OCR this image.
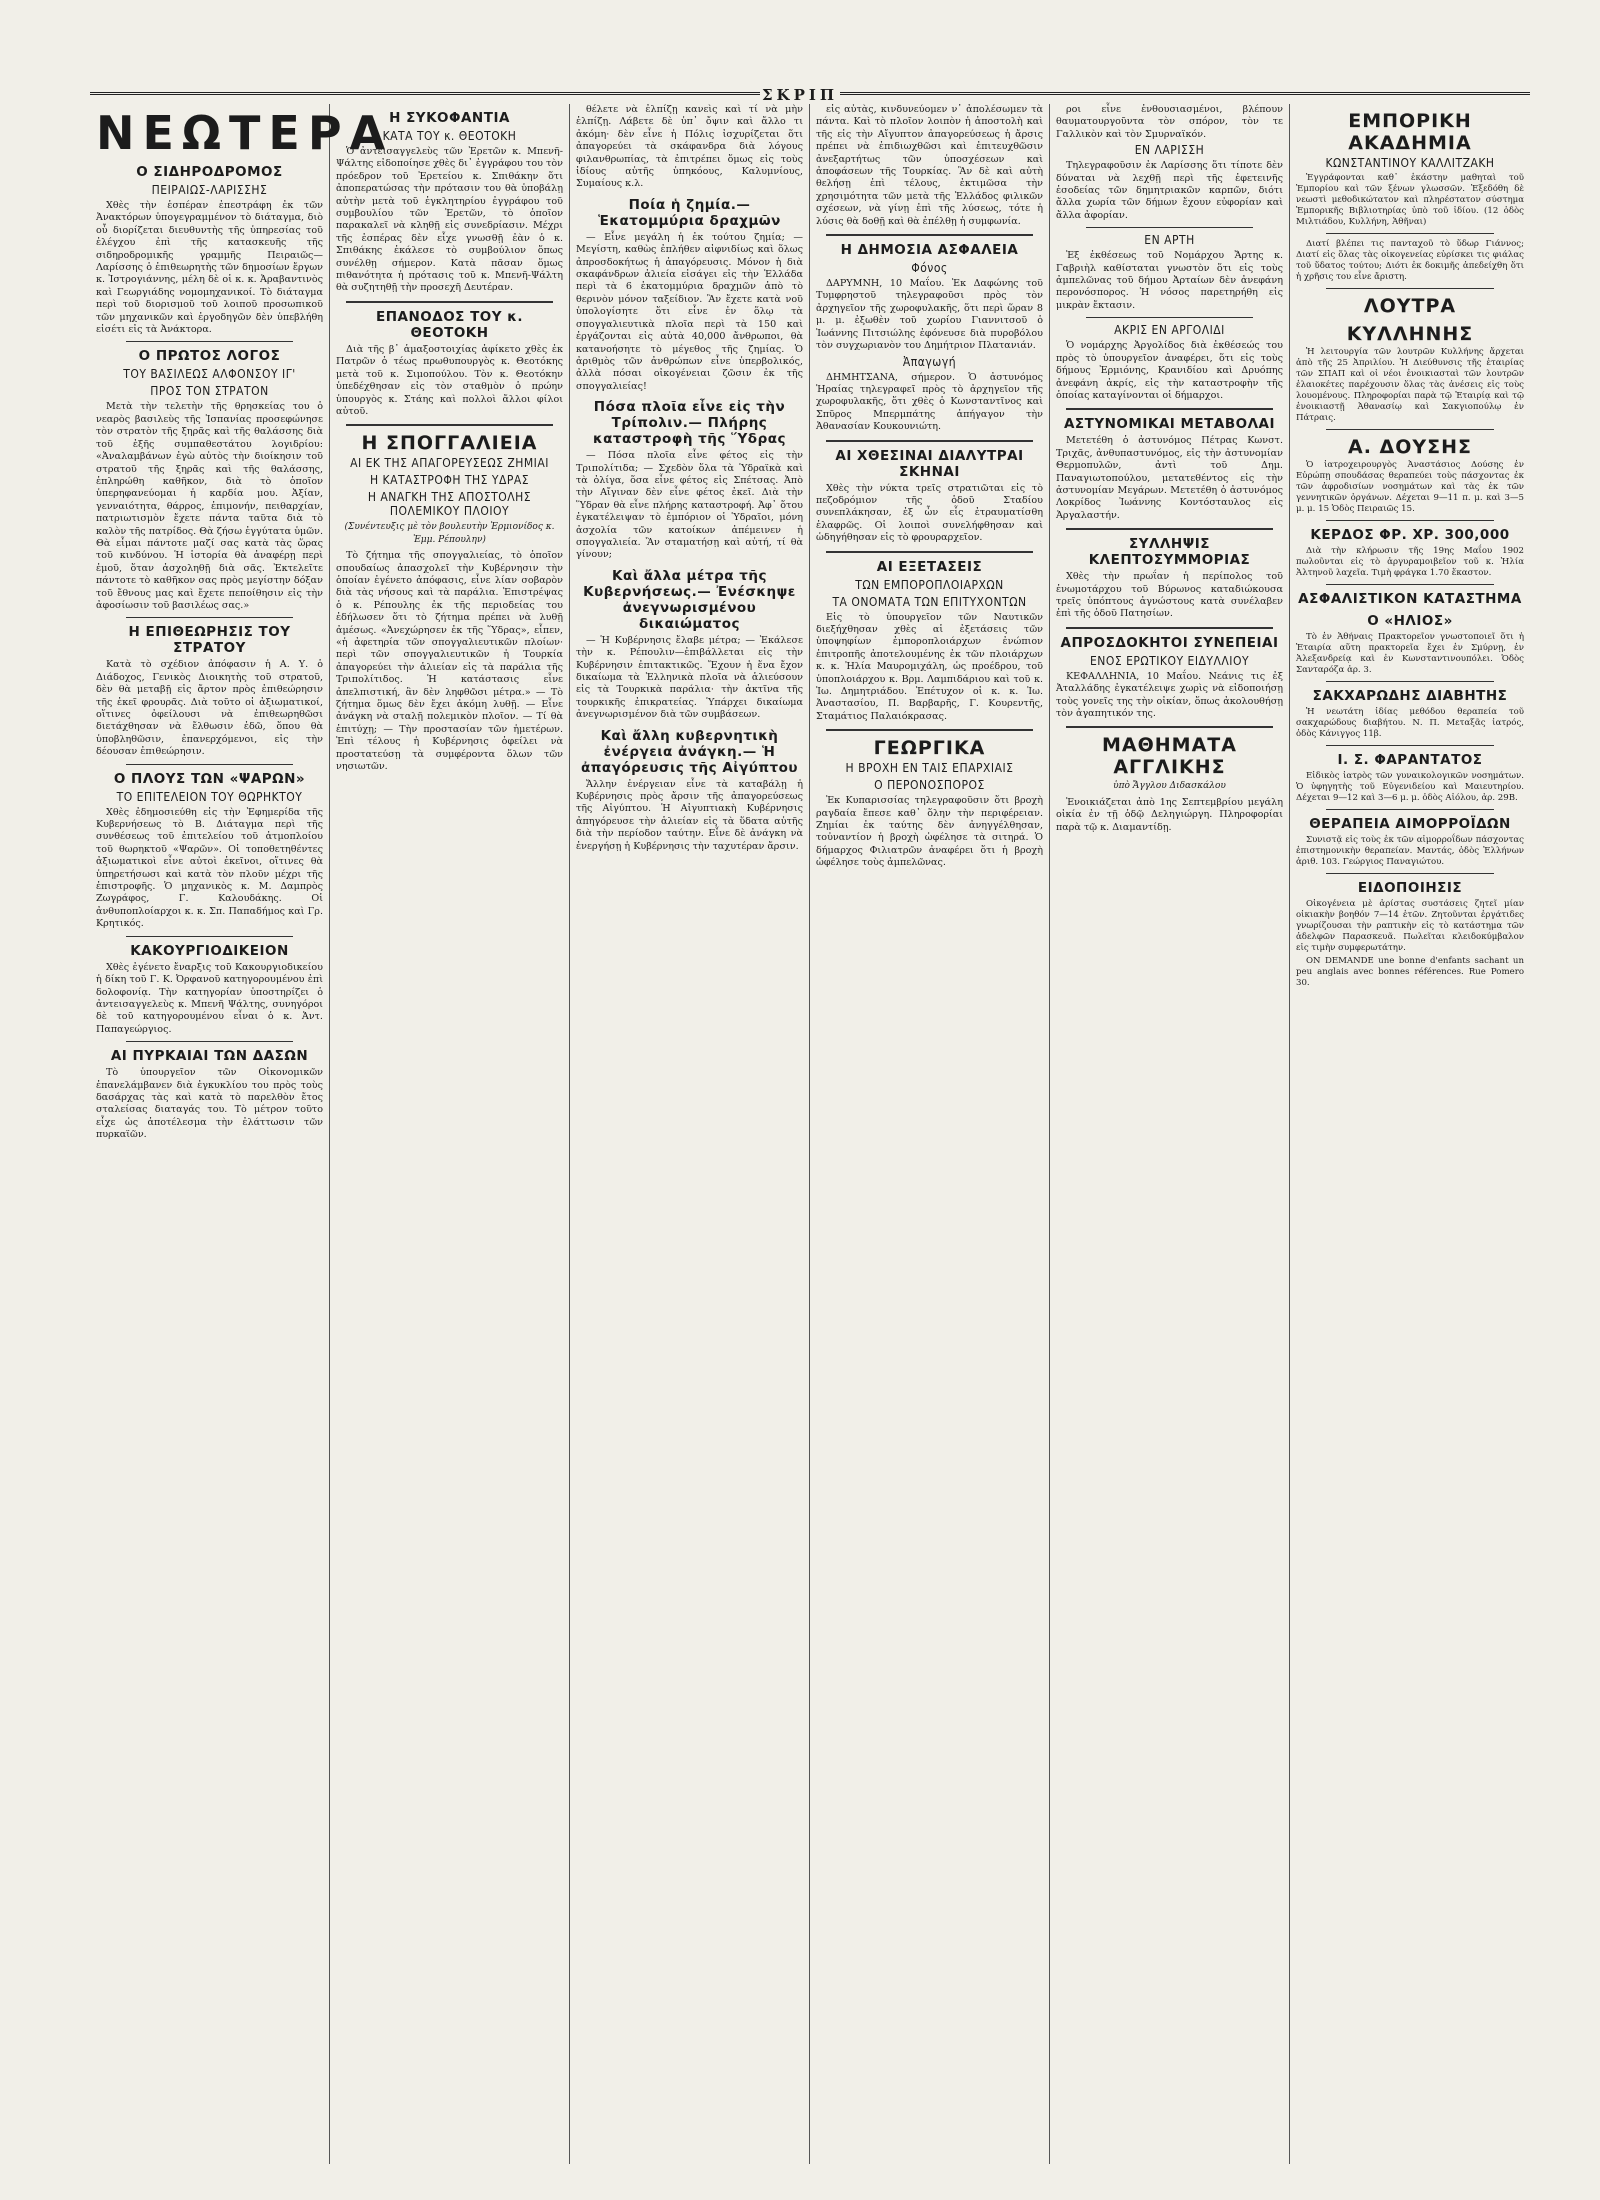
ΣΚΡΙΠ
ΝΕΩΤΕΡΑ
Ο ΣΙΔΗΡΟΔΡΟΜΟΣ
ΠΕΙΡΑΙΩΣ-ΛΑΡΙΣΣΗΣ

Χθὲς τὴν ἑσπέραν ἐπεστράφη ἐκ τῶν Ἀνακτόρων ὑπογεγραμμένον τὸ διάταγμα, διὸ οὗ διορίζεται διευθυντὴς τῆς ὑπηρεσίας τοῦ ἐλέγχου ἐπὶ τῆς κατασκευῆς τῆς σιδηροδρομικῆς γραμμῆς Πειραιῶς—Λαρίσσης ὁ ἐπιθεωρητὴς τῶν δημοσίων ἔργων κ. Ἰστρογιάννης, μέλη δὲ οἱ κ. κ. Ἀραβαντινὸς καὶ Γεωργιάδης νομομηχανικοί. Τὸ διάταγμα περὶ τοῦ διορισμοῦ τοῦ λοιποῦ προσωπικοῦ τῶν μηχανικῶν καὶ ἐργοδηγῶν δὲν ὑπεβλήθη εἰσέτι εἰς τὰ Ἀνάκτορα.

Ο ΠΡΩΤΟΣ ΛΟΓΟΣ
ΤΟΥ ΒΑΣΙΛΕΩΣ ΑΛΦΟΝΣΟΥ ΙΓ'
ΠΡΟΣ ΤΟΝ ΣΤΡΑΤΟΝ

Μετὰ τὴν τελετὴν τῆς θρησκείας του ὁ νεαρὸς βασιλεὺς τῆς Ἱσπανίας προσεφώνησε τὸν στρατὸν τῆς ξηρᾶς καὶ τῆς θαλάσσης διὰ τοῦ ἑξῆς συμπαθεστάτου λογιδρίου: «Ἀναλαμβάνων ἐγὼ αὐτὸς τὴν διοίκησιν τοῦ στρατοῦ τῆς ξηρᾶς καὶ τῆς θαλάσσης, ἐπληρώθη καθῆκον, διὰ τὸ ὁποῖον ὑπερηφανεύομαι ἡ καρδία μου. Ἀξίαν, γενναιότητα, θάρρος, ἐπιμονήν, πειθαρχίαν, πατριωτισμὸν ἔχετε πάντα ταῦτα διὰ τὸ καλὸν τῆς πατρίδος. Θὰ ζήσω ἐγγύτατα ὑμῶν. Θὰ εἶμαι πάντοτε μαζί σας κατὰ τὰς ὥρας τοῦ κινδύνου. Ἡ ἱστορία θὰ ἀναφέρῃ περὶ ἐμοῦ, ὅταν ἀσχοληθῇ διὰ σᾶς. Ἐκτελεῖτε πάντοτε τὸ καθῆκον σας πρὸς μεγίστην δόξαν τοῦ ἔθνους μας καὶ ἔχετε πεποίθησιν εἰς τὴν ἀφοσίωσιν τοῦ βασιλέως σας.»

Η ΕΠΙΘΕΩΡΗΣΙΣ ΤΟΥ ΣΤΡΑΤΟΥ

Κατὰ τὸ σχέδιον ἀπόφασιν ἡ Α. Υ. ὁ Διάδοχος, Γενικὸς Διοικητὴς τοῦ στρατοῦ, δὲν θὰ μεταβῇ εἰς ἄρτον πρὸς ἐπιθεώρησιν τῆς ἐκεῖ φρουρᾶς. Διὰ τοῦτο οἱ ἀξιωματικοί, οἵτινες ὀφείλουσι νὰ ἐπιθεωρηθῶσι διετάχθησαν νὰ ἔλθωσιν ἐδῶ, ὅπου θὰ ὑποβληθῶσιν, ἐπανερχόμενοι, εἰς τὴν δέουσαν ἐπιθεώρησιν.

Ο ΠΛΟΥΣ ΤΩΝ «ΨΑΡΩΝ»
ΤΟ ΕΠΙΤΕΛΕΙΟΝ ΤΟΥ ΘΩΡΗΚΤΟΥ

Χθὲς ἐδημοσιεύθη εἰς τὴν Ἐφημερίδα τῆς Κυβερνήσεως τὸ Β. Διάταγμα περὶ τῆς συνθέσεως τοῦ ἐπιτελείου τοῦ ἀτμοπλοίου τοῦ θωρηκτοῦ «Ψαρῶν». Οἱ τοποθετηθέντες ἀξιωματικοὶ εἶνε αὐτοὶ ἐκεῖνοι, οἵτινες θὰ ὑπηρετήσωσι καὶ κατὰ τὸν πλοῦν μέχρι τῆς ἐπιστροφῆς. Ὁ μηχανικὸς κ. Μ. Δαμπρὸς Ζωγράφος, Γ. Καλουδάκης. Οἱ ἀνθυποπλοίαρχοι κ. κ. Σπ. Παπαδήμος καὶ Γρ. Κρητικός.

ΚΑΚΟΥΡΓΙΟΔΙΚΕΙΟΝ

Χθὲς ἐγένετο ἔναρξις τοῦ Κακουργιοδικείου ἡ δίκη τοῦ Γ. Κ. Ὀρφανοῦ κατηγορουμένου ἐπὶ δολοφονίᾳ. Τὴν κατηγορίαν ὑποστηρίζει ὁ ἀντεισαγγελεὺς κ. Μπενῆ Ψάλτης, συνηγόροι δὲ τοῦ κατηγορουμένου εἶναι ὁ κ. Ἀντ. Παπαγεώργιος.

ΑΙ ΠΥΡΚΑΙΑΙ ΤΩΝ ΔΑΣΩΝ

Τὸ ὑπουργεῖον τῶν Οἰκονομικῶν ἐπανελάμβανεν διὰ ἐγκυκλίου του πρὸς τοὺς δασάρχας τὰς καὶ κατὰ τὸ παρελθὸν ἔτος σταλείσας διαταγάς του. Τὸ μέτρον τοῦτο εἶχε ὡς ἀποτέλεσμα τὴν ἐλάττωσιν τῶν πυρκαϊῶν.

Η ΣΥΚΟΦΑΝΤΙΑ
ΚΑΤΑ ΤΟΥ κ. ΘΕΟΤΟΚΗ

Ὁ ἀντεισαγγελεὺς τῶν Ἐρετῶν κ. Μπενῆ-Ψάλτης εἰδοποίησε χθὲς δι᾽ ἐγγράφου του τὸν πρόεδρον τοῦ Ἐρετείου κ. Σπιθάκην ὅτι ἀποπερατώσας τὴν πρότασιν του θὰ ὑποβάλῃ αὐτὴν μετὰ τοῦ ἐγκλητηρίου ἐγγράφου τοῦ συμβουλίου τῶν Ἐρετῶν, τὸ ὁποῖον παρακαλεῖ νὰ κληθῇ εἰς συνεδρίασιν. Μέχρι τῆς ἑσπέρας δὲν εἶχε γνωσθῇ ἐὰν ὁ κ. Σπιθάκης ἐκάλεσε τὸ συμβούλιον ὅπως συνέλθῃ σήμερον. Κατὰ πᾶσαν ὅμως πιθανότητα ἡ πρότασις τοῦ κ. Μπενῆ-Ψάλτη θὰ συζητηθῇ τὴν προσεχῆ Δευτέραν.

ΕΠΑΝΟΔΟΣ ΤΟΥ κ. ΘΕΟΤΟΚΗ

Διὰ τῆς β᾽ ἁμαξοστοιχίας ἀφίκετο χθὲς ἐκ Πατρῶν ὁ τέως πρωθυπουργὸς κ. Θεοτόκης μετὰ τοῦ κ. Σιμοπούλου. Τὸν κ. Θεοτόκην ὑπεδέχθησαν εἰς τὸν σταθμὸν ὁ πρώην ὑπουργὸς κ. Στάης καὶ πολλοὶ ἄλλοι φίλοι αὐτοῦ.

Η ΣΠΟΓΓΑΛΙΕΙΑ
ΑΙ ΕΚ ΤΗΣ ΑΠΑΓΟΡΕΥΣΕΩΣ ΖΗΜΙΑΙ
Η ΚΑΤΑΣΤΡΟΦΗ ΤΗΣ ΥΔΡΑΣ
Η ΑΝΑΓΚΗ ΤΗΣ ΑΠΟΣΤΟΛΗΣ ΠΟΛΕΜΙΚΟΥ ΠΛΟΙΟΥ
(Συνέντευξις μὲ τὸν βουλευτὴν Ἑρμιονίδος κ. Ἐμμ. Ρέπουλην)

Τὸ ζήτημα τῆς σπογγαλιείας, τὸ ὁποῖον σπουδαίως ἀπασχολεῖ τὴν Κυβέρνησιν τὴν ὁποίαν ἐγένετο ἀπόφασις, εἶνε λίαν σοβαρὸν διὰ τὰς νήσους καὶ τὰ παράλια. Ἐπιστρέψας ὁ κ. Ρέπουλης ἐκ τῆς περιοδείας του ἐδήλωσεν ὅτι τὸ ζήτημα πρέπει νὰ λυθῇ ἀμέσως. «Ἀνεχώρησεν ἐκ τῆς Ὕδρας», εἶπεν, «ἡ ἀφετηρία τῶν σπογγαλιευτικῶν πλοίων· περὶ τῶν σπογγαλιευτικῶν ἡ Τουρκία ἀπαγορεύει τὴν ἁλιείαν εἰς τὰ παράλια τῆς Τριπολίτιδος. Ἡ κατάστασις εἶνε ἀπελπιστική, ἂν δὲν ληφθῶσι μέτρα.» — Τὸ ζήτημα ὅμως δὲν ἔχει ἀκόμη λυθῇ. — Εἶνε ἀνάγκη νὰ σταλῇ πολεμικὸν πλοῖον. — Τί θὰ ἐπιτύχῃ; — Τὴν προστασίαν τῶν ἡμετέρων. Ἐπὶ τέλους ἡ Κυβέρνησις ὀφείλει νὰ προστατεύσῃ τὰ συμφέροντα ὅλων τῶν νησιωτῶν.

θέλετε νὰ ἐλπίζῃ κανεὶς καὶ τί νὰ μὴν ἐλπίζῃ. Λάβετε δὲ ὑπ᾽ ὄψιν καὶ ἄλλο τι ἀκόμη· δὲν εἶνε ἡ Πόλις ἰσχυρίζεται ὅτι ἀπαγορεύει τὰ σκάφανδρα διὰ λόγους φιλανθρωπίας, τὰ ἐπιτρέπει ὅμως εἰς τοὺς ἰδίους αὐτῆς ὑπηκόους, Καλυμνίους, Συμαίους κ.λ.

Ποία ἡ ζημία.— Ἑκατομμύρια δραχμῶν

— Εἶνε μεγάλη ἡ ἐκ τούτου ζημία; — Μεγίστη, καθὼς ἐπλήθεν αἰφνιδίως καὶ ὅλως ἀπροσδοκήτως ἡ ἀπαγόρευσις. Μόνον ἡ διὰ σκαφάνδρων ἁλιεία εἰσάγει εἰς τὴν Ἑλλάδα περὶ τὰ 6 ἑκατομμύρια δραχμῶν ἀπὸ τὸ θερινὸν μόνον ταξείδιον. Ἂν ἔχετε κατὰ νοῦ ὑπολογίσητε ὅτι εἶνε ἐν ὅλῳ τὰ σπογγαλιευτικὰ πλοῖα περὶ τὰ 150 καὶ ἐργάζονται εἰς αὐτὰ 40,000 ἄνθρωποι, θὰ κατανοήσητε τὸ μέγεθος τῆς ζημίας. Ὁ ἀριθμὸς τῶν ἀνθρώπων εἶνε ὑπερβολικός, ἀλλὰ πόσαι οἰκογένειαι ζῶσιν ἐκ τῆς σπογγαλιείας!

Πόσα πλοῖα εἶνε εἰς τὴν Τρίπολιν.— Πλήρης καταστροφὴ τῆς Ὕδρας

— Πόσα πλοῖα εἶνε φέτος εἰς τὴν Τριπολίτιδα; — Σχεδὸν ὅλα τὰ Ὑδραϊκὰ καὶ τὰ ὀλίγα, ὅσα εἶνε φέτος εἰς Σπέτσας. Ἀπὸ τὴν Αἴγιναν δὲν εἶνε φέτος ἐκεῖ. Διὰ τὴν Ὕδραν θὰ εἶνε πλήρης καταστροφή. Ἀφ᾽ ὅτου ἐγκατέλειψαν τὸ ἐμπόριον οἱ Ὑδραῖοι, μόνη ἀσχολία τῶν κατοίκων ἀπέμεινεν ἡ σπογγαλιεία. Ἂν σταματήσῃ καὶ αὐτή, τί θὰ γίνουν;

Καὶ ἄλλα μέτρα τῆς Κυβερνήσεως.— Ἐνέσκηψε ἀνεγνωρισμένου δικαιώματος

— Ἡ Κυβέρνησις ἔλαβε μέτρα; — Ἐκάλεσε τὴν κ. Ρέπουλιν—ἐπιβάλλεται εἰς τὴν Κυβέρνησιν ἐπιτακτικῶς. Ἔχουν ἡ ἕνα ἔχον δικαίωμα τὰ Ἑλληνικὰ πλοῖα νὰ ἁλιεύσουν εἰς τὰ Τουρκικὰ παράλια· τὴν ἀκτῖνα τῆς τουρκικῆς ἐπικρατείας. Ὑπάρχει δικαίωμα ἀνεγνωρισμένον διὰ τῶν συμβάσεων.

Καὶ ἄλλη κυβερνητικὴ ἐνέργεια ἀνάγκη.— Ἡ ἀπαγόρευσις τῆς Αἰγύπτου

Ἄλλην ἐνέργειαν εἶνε τὰ καταβάλῃ ἡ Κυβέρνησις πρὸς ἄρσιν τῆς ἀπαγορεύσεως τῆς Αἰγύπτου. Ἡ Αἰγυπτιακὴ Κυβέρνησις ἀπηγόρευσε τὴν ἁλιείαν εἰς τὰ ὕδατα αὐτῆς διὰ τὴν περίοδον ταύτην. Εἶνε δὲ ἀνάγκη νὰ ἐνεργήσῃ ἡ Κυβέρνησις τὴν ταχυτέραν ἄρσιν.

εἰς αὐτὰς, κινδυνεύομεν ν᾽ ἀπολέσωμεν τὰ πάντα. Καὶ τὸ πλοῖον λοιπὸν ἡ ἀποστολὴ καὶ τῆς εἰς τὴν Αἴγυπτον ἀπαγορεύσεως ἡ ἄρσις πρέπει νὰ ἐπιδιωχθῶσι καὶ ἐπιτευχθῶσιν ἀνεξαρτήτως τῶν ὑποσχέσεων καὶ ἀποφάσεων τῆς Τουρκίας. Ἂν δὲ καὶ αὐτὴ θελήσῃ ἐπὶ τέλους, ἐκτιμῶσα τὴν χρησιμότητα τῶν μετὰ τῆς Ἑλλάδος φιλικῶν σχέσεων, νὰ γίνῃ ἐπὶ τῆς λύσεως, τότε ἡ λύσις θὰ δοθῇ καὶ θὰ ἐπέλθῃ ἡ συμφωνία.

Η ΔΗΜΟΣΙΑ ΑΣΦΑΛΕΙΑ
Φόνος

ΔΑΡΥΜΝΗ, 10 Μαΐου. Ἐκ Δαφώνης τοῦ Τυμφρηστοῦ τηλεγραφοῦσι πρὸς τὸν ἀρχηγεῖον τῆς χωροφυλακῆς, ὅτι περὶ ὥραν 8 μ. μ. ἐξωθὲν τοῦ χωρίου Γιαννιτσοῦ ὁ Ἰωάννης Πιτσιώλης ἐφόνευσε διὰ πυροβόλου τὸν συγχωριανὸν του Δημήτριον Πλατανιάν.

Ἀπαγωγή

ΔΗΜΗΤΣΑΝΑ, σήμερον. Ὁ ἀστυνόμος Ἡραίας τηλεγραφεῖ πρὸς τὸ ἀρχηγεῖον τῆς χωροφυλακῆς, ὅτι χθὲς ὁ Κωνσταντῖνος καὶ Σπῦρος Μπερμπάτης ἀπήγαγον τὴν Ἀθανασίαν Κουκουνιώτη.

ΑΙ ΧΘΕΣΙΝΑΙ ΔΙΑΛΥΤΡΑΙ ΣΚΗΝΑΙ

Χθὲς τὴν νύκτα τρεῖς στρατιῶται εἰς τὸ πεζοδρόμιον τῆς ὁδοῦ Σταδίου συνεπλάκησαν, ἐξ ὧν εἷς ἐτραυματίσθη ἐλαφρῶς. Οἱ λοιποὶ συνελήφθησαν καὶ ὡδηγήθησαν εἰς τὸ φρουραρχεῖον.

ΑΙ ΕΞΕΤΑΣΕΙΣ
ΤΩΝ ΕΜΠΟΡΟΠΛΟΙΑΡΧΩΝ
ΤΑ ΟΝΟΜΑΤΑ ΤΩΝ ΕΠΙΤΥΧΟΝΤΩΝ

Εἰς τὸ ὑπουργεῖον τῶν Ναυτικῶν διεξήχθησαν χθὲς αἱ ἐξετάσεις τῶν ὑποψηφίων ἐμποροπλοιάρχων ἐνώπιον ἐπιτροπῆς ἀποτελουμένης ἐκ τῶν πλοιάρχων κ. κ. Ἠλία Μαυρομιχάλη, ὡς προέδρου, τοῦ ὑποπλοιάρχου κ. Βρμ. Λαμπιδάριου καὶ τοῦ κ. Ἰω. Δημητριάδου. Ἐπέτυχον οἱ κ. κ. Ἰω. Ἀναστασίου, Π. Βαρβαρῆς, Γ. Κουρεντῆς, Σταμάτιος Παλαιόκρασας.

ΓΕΩΡΓΙΚΑ
Η ΒΡΟΧΗ ΕΝ ΤΑΙΣ ΕΠΑΡΧΙΑΙΣ
Ο ΠΕΡΟΝΟΣΠΟΡΟΣ

Ἐκ Κυπαρισσίας τηλεγραφοῦσιν ὅτι βροχὴ ραγδαία ἔπεσε καθ᾽ ὅλην τὴν περιφέρειαν. Ζημίαι ἐκ ταύτης δὲν ἀνηγγέλθησαν, τοὐναντίον ἡ βροχὴ ὠφέλησε τὰ σιτηρά. Ὁ δήμαρχος Φιλιατρῶν ἀναφέρει ὅτι ἡ βροχὴ ὠφέλησε τοὺς ἀμπελῶνας.

ροι εἶνε ἐνθουσιασμένοι, βλέπουν θαυματουργοῦντα τὸν σπόρον, τὸν τε Γαλλικὸν καὶ τὸν Σμυρναϊκόν.

ΕΝ ΛΑΡΙΣΣΗ

Τηλεγραφοῦσιν ἐκ Λαρίσσης ὅτι τίποτε δὲν δύναται νὰ λεχθῇ περὶ τῆς ἐφετεινῆς ἐσοδείας τῶν δημητριακῶν καρπῶν, διότι ἄλλα χωρία τῶν δήμων ἔχουν εὐφορίαν καὶ ἄλλα ἀφορίαν.

ΕΝ ΑΡΤΗ

Ἐξ ἐκθέσεως τοῦ Νομάρχου Ἄρτης κ. Γαβριὴλ καθίσταται γνωστὸν ὅτι εἰς τοὺς ἀμπελῶνας τοῦ δήμου Ἀρταίων δὲν ἀνεφάνη περονόσπορος. Ἡ νόσος παρετηρήθη εἰς μικρὰν ἔκτασιν.

ΑΚΡΙΣ ΕΝ ΑΡΓΟΛΙΔΙ

Ὁ νομάρχης Ἀργολίδος διὰ ἐκθέσεώς του πρὸς τὸ ὑπουργεῖον ἀναφέρει, ὅτι εἰς τοὺς δήμους Ἐρμιόνης, Κρανιδίου καὶ Δρυόπης ἀνεφάνη ἀκρίς, εἰς τὴν καταστροφὴν τῆς ὁποίας καταγίνονται οἱ δήμαρχοι.

ΑΣΤΥΝΟΜΙΚΑΙ ΜΕΤΑΒΟΛΑΙ

Μετετέθη ὁ ἀστυνόμος Πέτρας Κωνστ. Τριχᾶς, ἀνθυπαστυνόμος, εἰς τὴν ἀστυνομίαν Θερμοπυλῶν, ἀντὶ τοῦ Δημ. Παναγιωτοπούλου, μετατεθέντος εἰς τὴν ἀστυνομίαν Μεγάρων. Μετετέθη ὁ ἀστυνόμος Λοκρίδος Ἰωάννης Κοντόσταυλος εἰς Ἀργαλαστήν.

ΣΥΛΛΗΨΙΣ ΚΛΕΠΤΟΣΥΜΜΟΡΙΑΣ

Χθὲς τὴν πρωΐαν ἡ περίπολος τοῦ ἐνωμοτάρχου τοῦ Βύρωνος καταδιώκουσα τρεῖς ὑπόπτους ἀγνώστους κατὰ συνέλαβεν ἐπὶ τῆς ὁδοῦ Πατησίων.

ΑΠΡΟΣΔΟΚΗΤΟΙ ΣΥΝΕΠΕΙΑΙ
ΕΝΟΣ ΕΡΩΤΙΚΟΥ ΕΙΔΥΛΛΙΟΥ

ΚΕΦΑΛΛΗΝΙΑ, 10 Μαΐου. Νεάνις τις ἐξ Ἀταλλάδης ἐγκατέλειψε χωρὶς νὰ εἰδοποιήσῃ τοὺς γονεῖς της τὴν οἰκίαν, ὅπως ἀκολουθήσῃ τὸν ἀγαπητικόν της.

ΜΑΘΗΜΑΤΑ ΑΓΓΛΙΚΗΣ
ὑπὸ Ἄγγλου Διδασκάλου

Ἐνοικιάζεται ἀπὸ 1ης Σεπτεμβρίου μεγάλη οἰκία ἐν τῇ ὁδῷ Δεληγιώργη. Πληροφορίαι παρὰ τῷ κ. Διαμαντίδῃ.

ΕΜΠΟΡΙΚΗ ΑΚΑΔΗΜΙΑ
ΚΩΝΣΤΑΝΤΙΝΟΥ ΚΑΛΛΙΤΖΑΚΗ

Ἐγγράφονται καθ᾽ ἑκάστην μαθηταὶ τοῦ Ἐμπορίου καὶ τῶν ξένων γλωσσῶν. Ἐξεδόθη δὲ νεωστὶ μεθοδικώτατον καὶ πληρέστατον σύστημα Ἐμπορικῆς Βιβλιοτηρίας ὑπὸ τοῦ ἰδίου. (12 ὁδὸς Μιλτιάδου, Κυλλήνη, Ἀθῆναι)

Διατί βλέπει τις πανταχοῦ τὸ ὕδωρ Γιάννος; Διατί εἰς ὅλας τὰς οἰκογενείας εὑρίσκει τις φιάλας τοῦ ὕδατος τούτου; Διότι ἐκ δοκιμῆς ἀπεδείχθη ὅτι ἡ χρῆσις του εἶνε ἄριστη.

ΛΟΥΤΡΑ
ΚΥΛΛΗΝΗΣ

Ἡ λειτουργία τῶν λουτρῶν Κυλλήνης ἄρχεται ἀπὸ τῆς 25 Ἀπριλίου. Ἡ Διεύθυνσις τῆς ἑταιρίας τῶν ΣΠΑΠ καὶ οἱ νέοι ἐνοικιασταὶ τῶν λουτρῶν ἐλαιοκέτες παρέχουσιν ὅλας τὰς ἀνέσεις εἰς τοὺς λουομένους. Πληροφορίαι παρὰ τῷ Ἑταιρίᾳ καὶ τῷ ἐνοικιαστῇ Ἀθανασίῳ καὶ Σακγιοπούλῳ ἐν Πάτραις.

Α. ΔΟΥΣΗΣ

Ὁ ἰατροχειρουργὸς Ἀναστάσιος Δούσης ἐν Εὐρώπῃ σπουδάσας θεραπεύει τοὺς πάσχοντας ἐκ τῶν ἀφροδισίων νοσημάτων καὶ τὰς ἐκ τῶν γεννητικῶν ὀργάνων. Δέχεται 9—11 π. μ. καὶ 3—5 μ. μ. 15 Ὁδὸς Πειραιῶς 15.

ΚΕΡΔΟΣ ΦΡ. ΧΡ. 300,000

Διὰ τὴν κλήρωσιν τῆς 19ης Μαΐου 1902 πωλοῦνται εἰς τὸ ἀργυραμοιβεῖον τοῦ κ. Ἠλία Ἀλτηνοῦ λαχεῖα. Τιμὴ φράγκα 1.70 ἕκαστον.

ΑΣΦΑΛΙΣΤΙΚΟΝ ΚΑΤΑΣΤΗΜΑ
Ο «ΗΛΙΟΣ»

Τὸ ἐν Ἀθήναις Πρακτορεῖον γνωστοποιεῖ ὅτι ἡ Ἑταιρία αὕτη πρακτορεῖα ἔχει ἐν Σμύρνῃ, ἐν Ἀλεξανδρείᾳ καὶ ἐν Κωνσταντινουπόλει. Ὁδὸς Σανταρόζα ἀρ. 3.

ΣΑΚΧΑΡΩΔΗΣ ΔΙΑΒΗΤΗΣ

Ἡ νεωτάτη ἰδίας μεθόδου θεραπεία τοῦ σακχαρώδους διαβήτου. Ν. Π. Μεταξᾶς ἰατρός, ὁδὸς Κάνιγγος 11β.

Ι. Σ. ΦΑΡΑΝΤΑΤΟΣ

Εἰδικὸς ἰατρὸς τῶν γυναικολογικῶν νοσημάτων. Ὁ ὑφηγητὴς τοῦ Εὐγενιδείου καὶ Μαιευτηρίου. Δέχεται 9—12 καὶ 3—6 μ. μ. ὁδὸς Αἰόλου, ἀρ. 29Β.

ΘΕΡΑΠΕΙΑ ΑΙΜΟΡΡΟΪΔΩΝ

Συνιστᾷ εἰς τοὺς ἐκ τῶν αἱμορροΐδων πάσχοντας ἐπιστημονικὴν θεραπείαν. Μαντάς, ὁδὸς Ἑλλήνων ἀριθ. 103. Γεώργιος Παναγιώτου.

ΕΙΔΟΠΟΙΗΣΙΣ

Οἰκογένεια μὲ ἀρίστας συστάσεις ζητεῖ μίαν οἰκιακὴν βοηθόν 7—14 ἐτῶν. Ζητοῦνται ἐργάτιδες γνωρίζουσαι τὴν ραπτικὴν εἰς τὸ κατάστημα τῶν ἀδελφῶν Παρασκευᾶ. Πωλεῖται κλειδοκύμβαλον εἰς τιμὴν συμφερωτάτην.

ON DEMANDE une bonne d'enfants sachant un peu anglais avec bonnes références. Rue Pomero 30.
